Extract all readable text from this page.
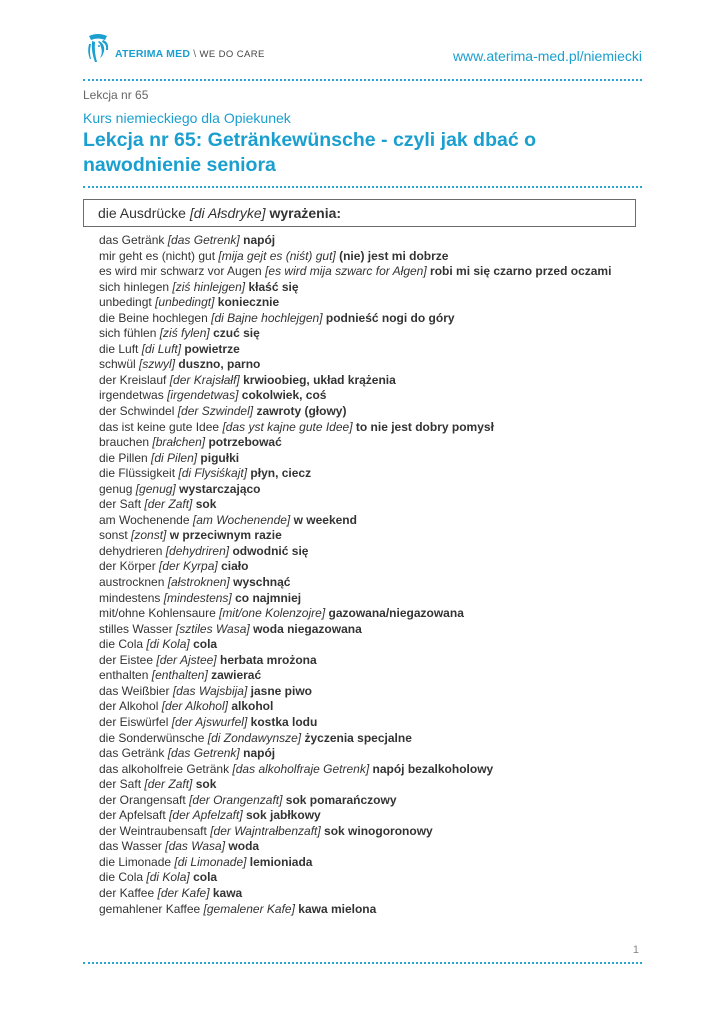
ATERIMA MED \ WE DO CARE	www.aterima-med.pl/niemiecki
Lekcja nr 65
Kurs niemieckiego dla Opiekunek
Lekcja nr 65: Getränkewünsche - czyli jak dbać o nawodnienie seniora
die Ausdrücke [di Ałsdryke] wyrażenia:
das Getränk [das Getrenk] napój
mir geht es (nicht) gut [mija gejt es (niśt) gut] (nie) jest mi dobrze
es wird mir schwarz vor Augen [es wird mija szwarc for Ałgen] robi mi się czarno przed oczami
sich hinlegen [ziś hinlejgen] kłaść się
unbedingt [unbedingt] koniecznie
die Beine hochlegen [di Bajne hochlejgen] podnieść nogi do góry
sich fühlen [ziś fylen] czuć się
die Luft [di Luft] powietrze
schwül [szwyl] duszno, parno
der Kreislauf [der Krajsłałf] krwioobieg, układ krążenia
irgendetwas [irgendetwas] cokolwiek, coś
der Schwindel [der Szwindel] zawroty (głowy)
das ist keine gute Idee [das yst kajne gute Idee] to nie jest dobry pomysł
brauchen [brałchen] potrzebować
die Pillen [di Pilen] pigułki
die Flüssigkeit [di Flysiśkajt] płyn, ciecz
genug [genug] wystarczająco
der Saft [der Zaft] sok
am Wochenende [am Wochenende] w weekend
sonst [zonst] w przeciwnym razie
dehydrieren [dehydriren] odwodnić się
der Körper [der Kyrpa] ciało
austrocknen [ałstroknen] wyschnąć
mindestens [mindestens] co najmniej
mit/ohne Kohlensaure [mit/one Kolenzojre] gazowana/niegazowana
stilles Wasser [sztiles Wasa] woda niegazowana
die Cola [di Kola] cola
der Eistee [der Ajstee] herbata mrożona
enthalten [enthalten] zawierać
das Weißbier [das Wajsbija] jasne piwo
der Alkohol [der Alkohol] alkohol
der Eiswürfel [der Ajswurfel] kostka lodu
die Sonderwünsche [di Zondawynsze] życzenia specjalne
das Getränk [das Getrenk] napój
das alkoholfreie Getränk [das alkoholfraje Getrenk] napój bezalkoholowy
der Saft [der Zaft] sok
der Orangensaft [der Orangenzaft] sok pomarańczowy
der Apfelsaft [der Apfelzaft] sok jabłkowy
der Weintraubensaft [der Wajntrałbenzaft] sok winogoronowy
das Wasser [das Wasa] woda
die Limonade [di Limonade] lemioniada
die Cola [di Kola] cola
der Kaffee [der Kafe] kawa
gemahlener Kaffee [gemalener Kafe] kawa mielona
1
